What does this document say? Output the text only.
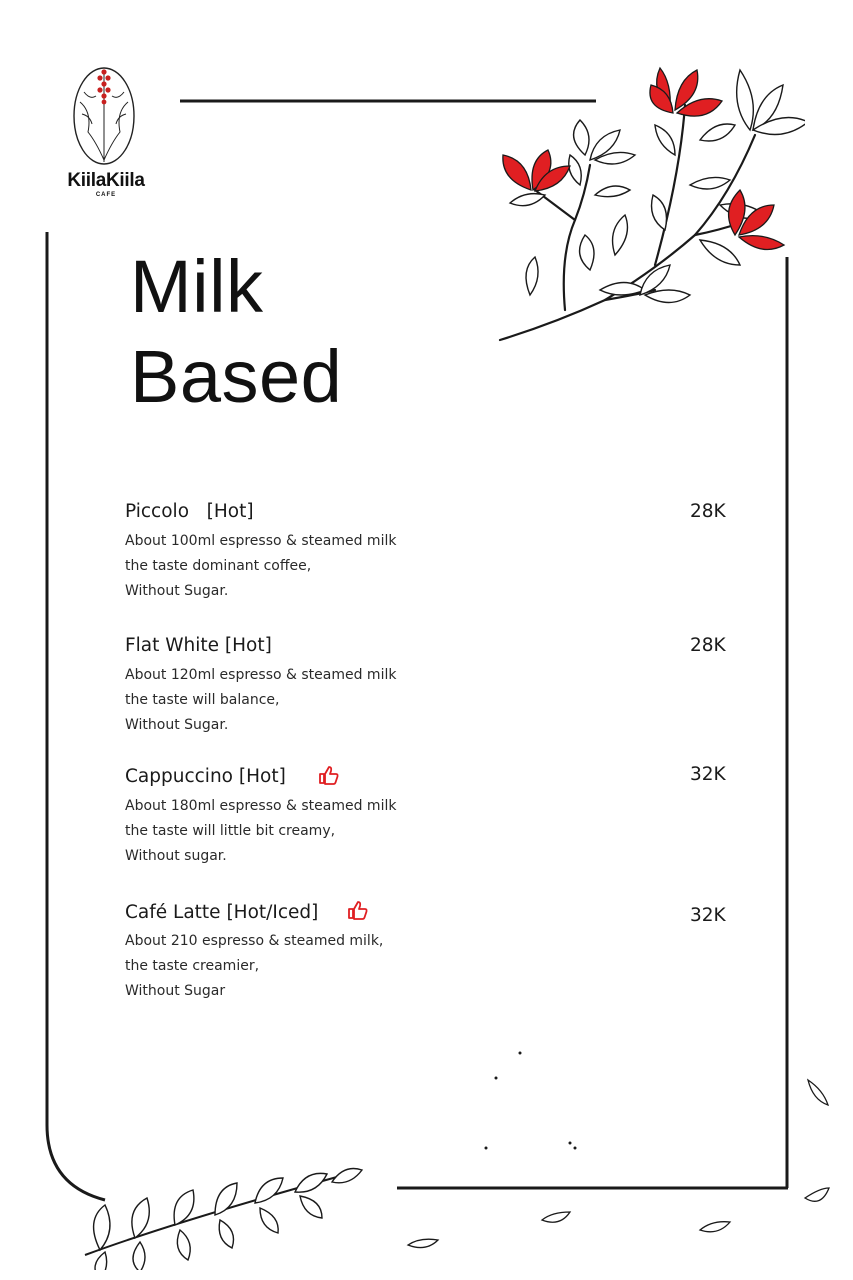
KiilaKiila
CAFE
Milk
Based
Piccolo   [Hot]	28K
About 100ml espresso & steamed milk
the taste dominant coffee,
Without Sugar.
Flat White [Hot]	28K
About 120ml espresso & steamed milk
the taste will balance,
Without Sugar.
Cappuccino [Hot]	32K
About 180ml espresso & steamed milk
the taste will little bit creamy,
Without sugar.
Café Latte [Hot/Iced]	32K
About 210 espresso & steamed milk,
the taste creamier,
Without Sugar
